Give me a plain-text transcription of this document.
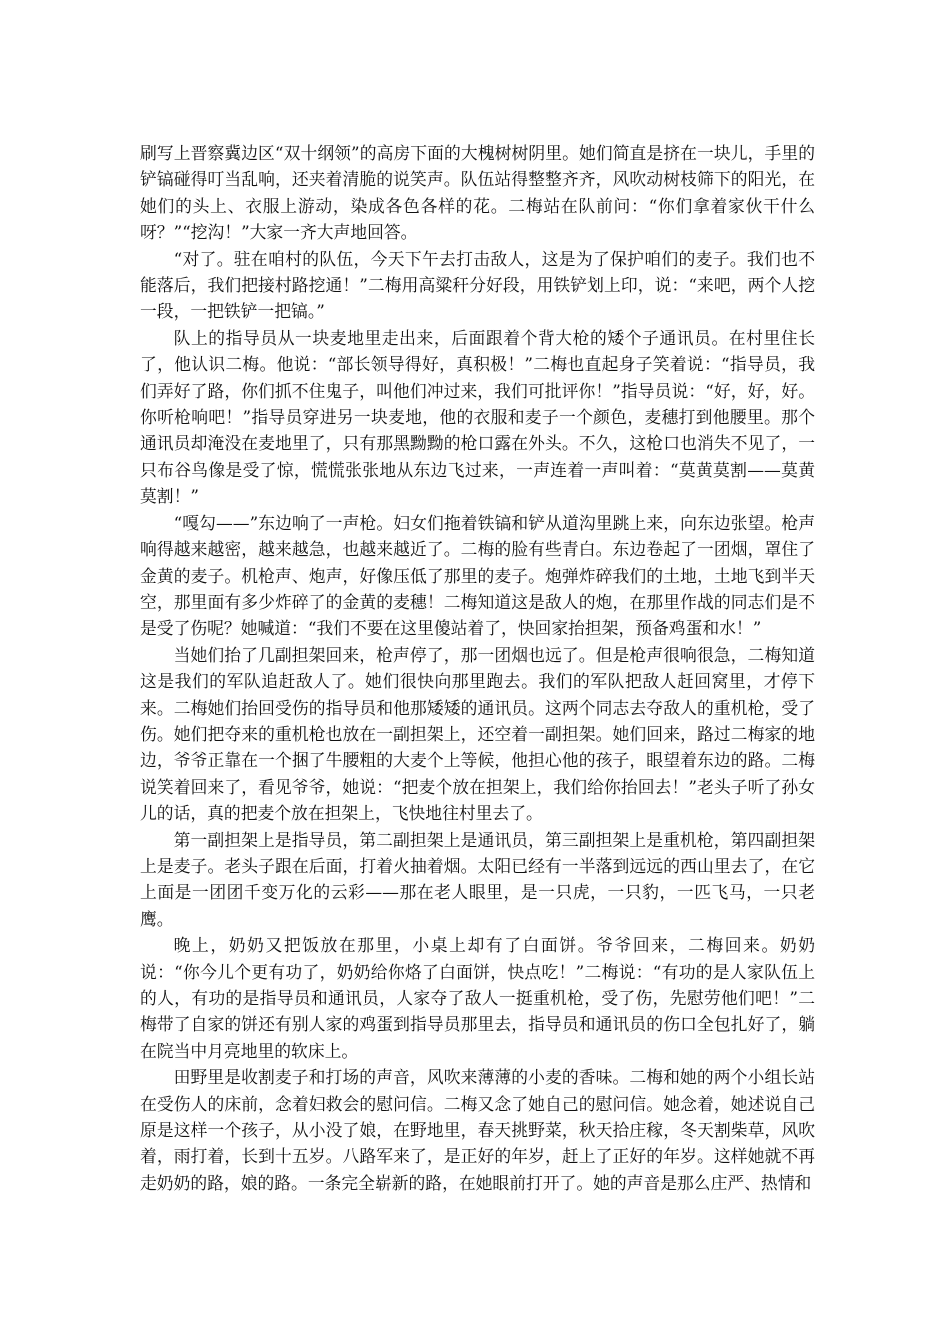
刷写上晋察冀边区“双十纲领”的高房下面的大槐树树阴里。她们简直是挤在一块儿，手里的铲镐碰得叮当乱响，还夹着清脆的说笑声。队伍站得整整齐齐，风吹动树枝筛下的阳光，在她们的头上、衣服上游动，染成各色各样的花。二梅站在队前问：“你们拿着家伙干什么呀？”“挖沟！”大家一齐大声地回答。

“对了。驻在咱村的队伍，今天下午去打击敌人，这是为了保护咱们的麦子。我们也不能落后，我们把接村路挖通！”二梅用高粱秆分好段，用铁铲划上印，说：“来吧，两个人挖一段，一把铁铲一把镐。”

队上的指导员从一块麦地里走出来，后面跟着个背大枪的矮个子通讯员。在村里住长了，他认识二梅。他说：“部长领导得好，真积极！”二梅也直起身子笑着说：“指导员，我们弄好了路，你们抓不住鬼子，叫他们冲过来，我们可批评你！”指导员说：“好，好，好。你听枪响吧！”指导员穿进另一块麦地，他的衣服和麦子一个颜色，麦穗打到他腰里。那个通讯员却淹没在麦地里了，只有那黑黝黝的枪口露在外头。不久，这枪口也消失不见了，一只布谷鸟像是受了惊，慌慌张张地从东边飞过来，一声连着一声叫着：“莫黄莫割——莫黄莫割！”

“嘎勾——”东边响了一声枪。妇女们拖着铁镐和铲从道沟里跳上来，向东边张望。枪声响得越来越密，越来越急，也越来越近了。二梅的脸有些青白。东边卷起了一团烟，罩住了金黄的麦子。机枪声、炮声，好像压低了那里的麦子。炮弹炸碎我们的土地，土地飞到半天空，那里面有多少炸碎了的金黄的麦穗！二梅知道这是敌人的炮，在那里作战的同志们是不是受了伤呢？她喊道：“我们不要在这里傻站着了，快回家抬担架，预备鸡蛋和水！”

当她们抬了几副担架回来，枪声停了，那一团烟也远了。但是枪声很响很急，二梅知道这是我们的军队追赶敌人了。她们很快向那里跑去。我们的军队把敌人赶回窝里，才停下来。二梅她们抬回受伤的指导员和他那矮矮的通讯员。这两个同志去夺敌人的重机枪，受了伤。她们把夺来的重机枪也放在一副担架上，还空着一副担架。她们回来，路过二梅家的地边，爷爷正靠在一个捆了牛腰粗的大麦个上等候，他担心他的孩子，眼望着东边的路。二梅说笑着回来了，看见爷爷，她说：“把麦个放在担架上，我们给你抬回去！”老头子听了孙女儿的话，真的把麦个放在担架上，飞快地往村里去了。

第一副担架上是指导员，第二副担架上是通讯员，第三副担架上是重机枪，第四副担架上是麦子。老头子跟在后面，打着火抽着烟。太阳已经有一半落到远远的西山里去了，在它上面是一团团千变万化的云彩——那在老人眼里，是一只虎，一只豹，一匹飞马，一只老鹰。

晚上，奶奶又把饭放在那里，小桌上却有了白面饼。爷爷回来，二梅回来。奶奶说：“你今儿个更有功了，奶奶给你烙了白面饼，快点吃！”二梅说：“有功的是人家队伍上的人，有功的是指导员和通讯员，人家夺了敌人一挺重机枪，受了伤，先慰劳他们吧！”二梅带了自家的饼还有别人家的鸡蛋到指导员那里去，指导员和通讯员的伤口全包扎好了，躺在院当中月亮地里的软床上。

田野里是收割麦子和打场的声音，风吹来薄薄的小麦的香味。二梅和她的两个小组长站在受伤人的床前，念着妇救会的慰问信。二梅又念了她自己的慰问信。她念着，她述说自己原是这样一个孩子，从小没了娘，在野地里，春天挑野菜，秋天拾庄稼，冬天割柴草，风吹着，雨打着，长到十五岁。八路军来了，是正好的年岁，赶上了正好的年岁。这样她就不再走奶奶的路，娘的路。一条完全崭新的路，在她眼前打开了。她的声音是那么庄严、热情和
